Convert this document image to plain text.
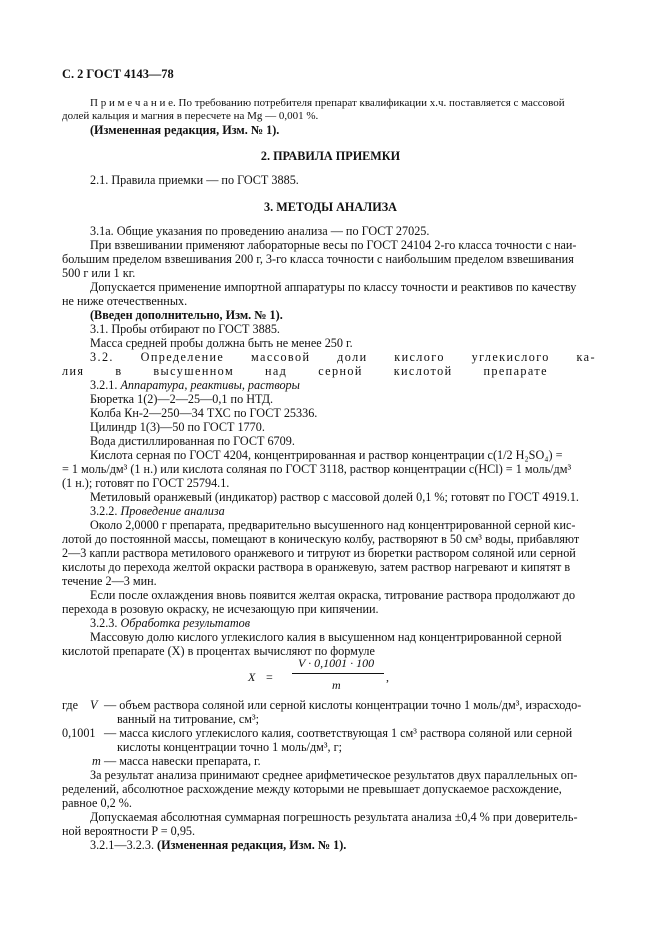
С. 2 ГОСТ 4143—78
П р и м е ч а н и е. По требованию потребителя препарат квалификации х.ч. поставляется с массовой
долей кальция и магния в пересчете на Mg — 0,001 %.
(Измененная редакция, Изм. № 1).
2. ПРАВИЛА ПРИЕМКИ
2.1. Правила приемки — по ГОСТ 3885.
3. МЕТОДЫ АНАЛИЗА
3.1а. Общие указания по проведению анализа — по ГОСТ 27025.
При взвешивании применяют лабораторные весы по ГОСТ 24104 2-го класса точности с наи-
большим пределом взвешивания 200 г, 3-го класса точности с наибольшим пределом взвешивания
500 г или 1 кг.
Допускается применение импортной аппаратуры по классу точности и реактивов по качеству
не ниже отечественных.
(Введен дополнительно, Изм. № 1).
3.1. Пробы отбирают по ГОСТ 3885.
Масса средней пробы должна быть не менее 250 г.
3.2. Определение массовой доли кислого углекислого ка-
лия	в	высушенном	над	серной	кислотой	препарате
3.2.1. Аппаратура, реактивы, растворы
Бюретка 1(2)—2—25—0,1 по НТД.
Колба Кн-2—250—34 ТХС по ГОСТ 25336.
Цилиндр 1(3)—50 по ГОСТ 1770.
Вода дистиллированная по ГОСТ 6709.
Кислота серная по ГОСТ 4204, концентрированная и раствор концентрации c(1/2 H₂SO₄) =
= 1 моль/дм³ (1 н.) или кислота соляная по ГОСТ 3118, раствор концентрации c(HCl) = 1 моль/дм³
(1 н.); готовят по ГОСТ 25794.1.
Метиловый оранжевый (индикатор) раствор с массовой долей 0,1 %; готовят по ГОСТ 4919.1.
3.2.2. Проведение анализа
Около 2,0000 г препарата, предварительно высушенного над концентрированной серной кис-
лотой до постоянной массы, помещают в коническую колбу, растворяют в 50 см³ воды, прибавляют
2—3 капли раствора метилового оранжевого и титруют из бюретки раствором соляной или серной
кислоты до перехода желтой окраски раствора в оранжевую, затем раствор нагревают и кипятят в
течение 2—3 мин.
Если после охлаждения вновь появится желтая окраска, титрование раствора продолжают до
перехода в розовую окраску, не исчезающую при кипячении.
3.2.3. Обработка результатов
Массовую долю кислого углекислого калия в высушенном над концентрированной серной
кислотой препарате (X) в процентах вычисляют по формуле
X =
V · 0,1001 · 100
m
,
где V — объем раствора соляной или серной кислоты концентрации точно 1 моль/дм³, израсходо-
ванный на титрование, см³;
0,1001 — масса кислого углекислого калия, соответствующая 1 см³ раствора соляной или серной
кислоты концентрации точно 1 моль/дм³, г;
m — масса навески препарата, г.
За результат анализа принимают среднее арифметическое результатов двух параллельных оп-
ределений, абсолютное расхождение между которыми не превышает допускаемое расхождение,
равное 0,2 %.
Допускаемая абсолютная суммарная погрешность результата анализа ±0,4 % при доверитель-
ной вероятности P = 0,95.
3.2.1—3.2.3. (Измененная редакция, Изм. № 1).
